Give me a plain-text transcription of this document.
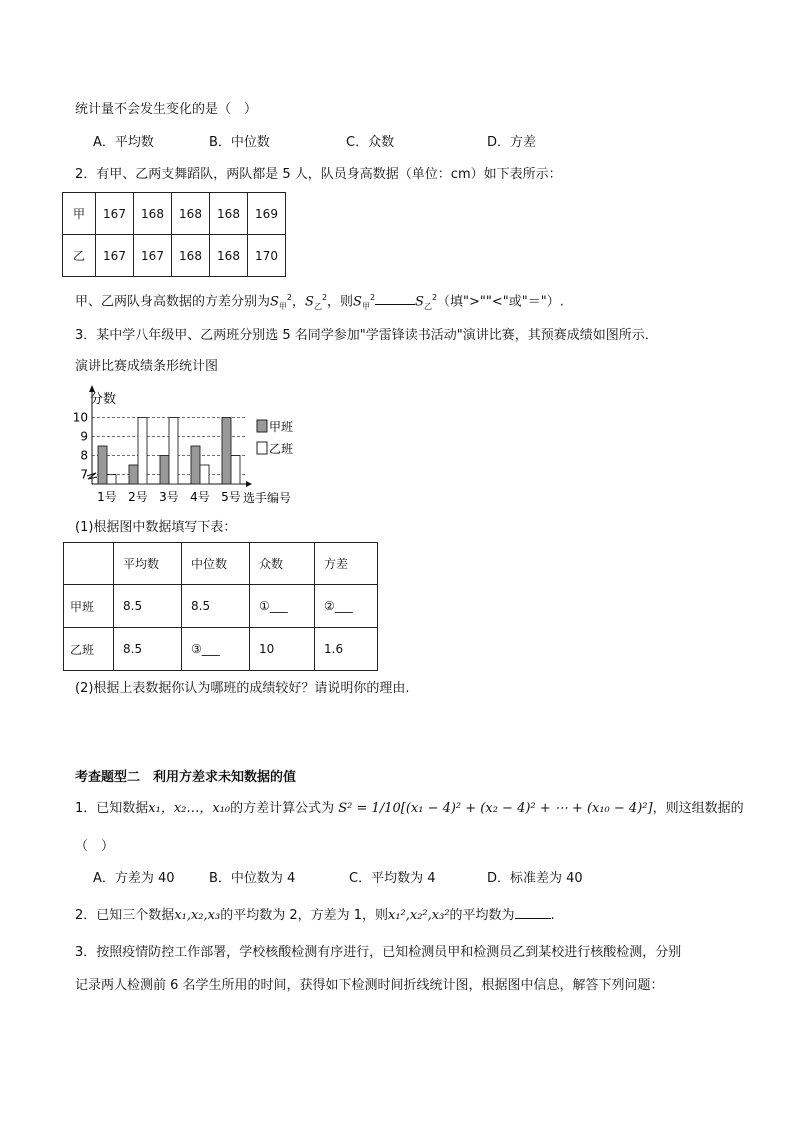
统计量不会发生变化的是（　）
A．平均数	B．中位数	C．众数	D．方差
2．有甲、乙两支舞蹈队，两队都是 5 人，队员身高数据（单位：cm）如下表所示：
甲	167	168	168	168	169
乙	167	167	168	168	170
甲、乙两队身高数据的方差分别为$S_甲^2$，$S_乙^2$，则$S_甲^2$	$S_乙^2$（填">""<"或"＝"）.
3．某中学八年级甲、乙两班分别选 5 名同学参加"学雷锋读书活动"演讲比赛，其预赛成绩如图所示．
演讲比赛成绩条形统计图
7
8
9
10
1号 2号 3号 4号 5号
分数
选手编号
甲班
乙班
(1)根据图中数据填写下表：
	平均数	中位数	众数	方差
甲班	8.5	8.5	①___	②___
乙班	8.5	③___	10	1.6
(2)根据上表数据你认为哪班的成绩较好？请说明你的理由.
考查题型二　利用方差求未知数据的值
1．已知数据x₁，x₂…，x₁₀的方差计算公式为 S² = 1/10[(x₁ − 4)² + (x₂ − 4)² + ⋯ + (x₁₀ − 4)²]，则这组数据的
（　）
A．方差为 40	B．中位数为 4	C．平均数为 4	D．标准差为 40
2．已知三个数据x₁,x₂,x₃的平均数为 2，方差为 1，则x₁²,x₂²,x₃²的平均数为	.
3．按照疫情防控工作部署，学校核酸检测有序进行，已知检测员甲和检测员乙到某校进行核酸检测，分别
记录两人检测前 6 名学生所用的时间，获得如下检测时间折线统计图，根据图中信息，解答下列问题：
